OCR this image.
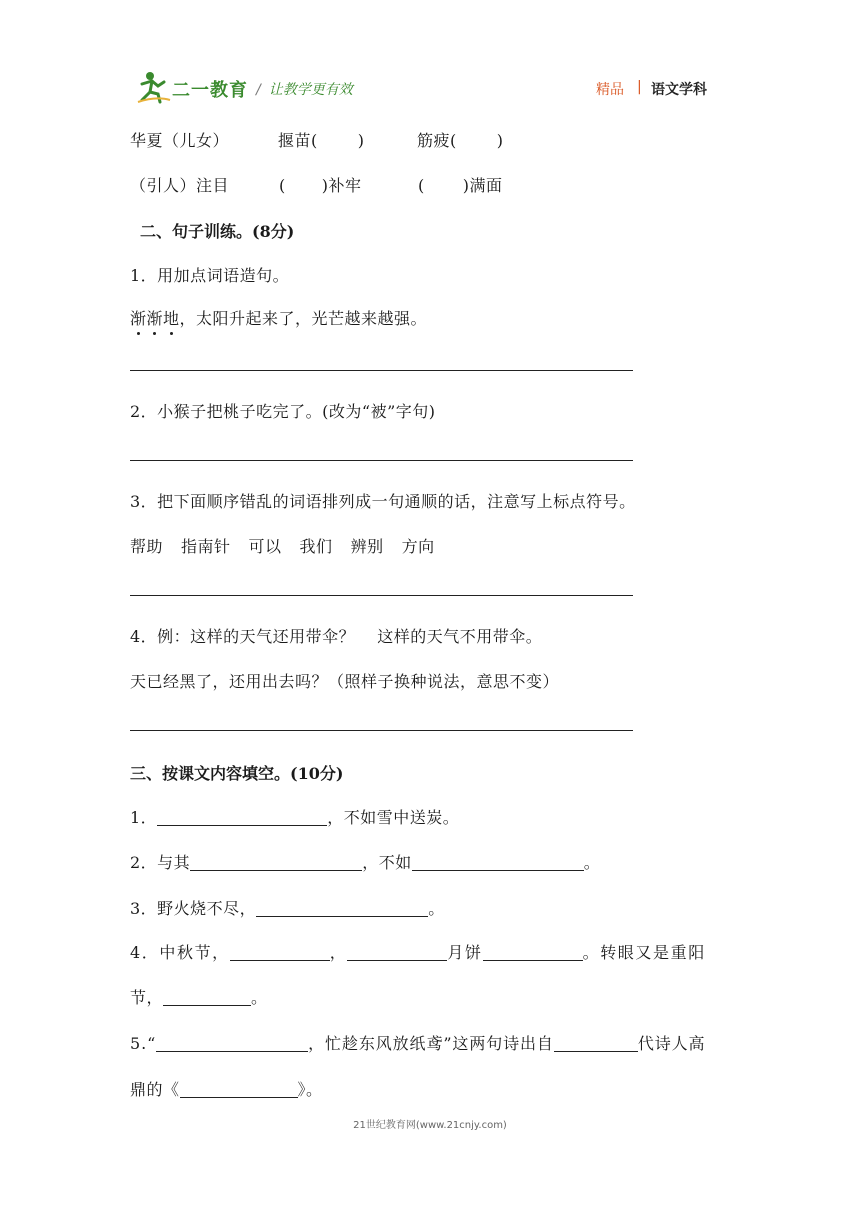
二一教育 / 让教学更有效	精品 | 语文学科
华夏（儿女）	揠苗(	)	筋疲(	)
（引人）注目	( )补牢	( )满面
二、句子训练。(8分)
1．用加点词语造句。
渐渐地，太阳升起来了，光芒越来越强。
2．小猴子把桃子吃完了。(改为“被”字句)
3．把下面顺序错乱的词语排列成一句通顺的话，注意写上标点符号。
帮助 指南针 可以 我们 辨别 方向
4．例：这样的天气还用带伞？ 这样的天气不用带伞。
天已经黑了，还用出去吗？（照样子换种说法，意思不变）
三、按课文内容填空。(10分)
1．	，不如雪中送炭。
2．与其	，不如	。
3．野火烧不尽，	。
4．中秋节，	，	月饼	。转眼又是重阳
节，	。
5.“	，忙趁东风放纸鸢”这两句诗出自	代诗人高
鼎的《	》。
21世纪教育网(www.21cnjy.com)
